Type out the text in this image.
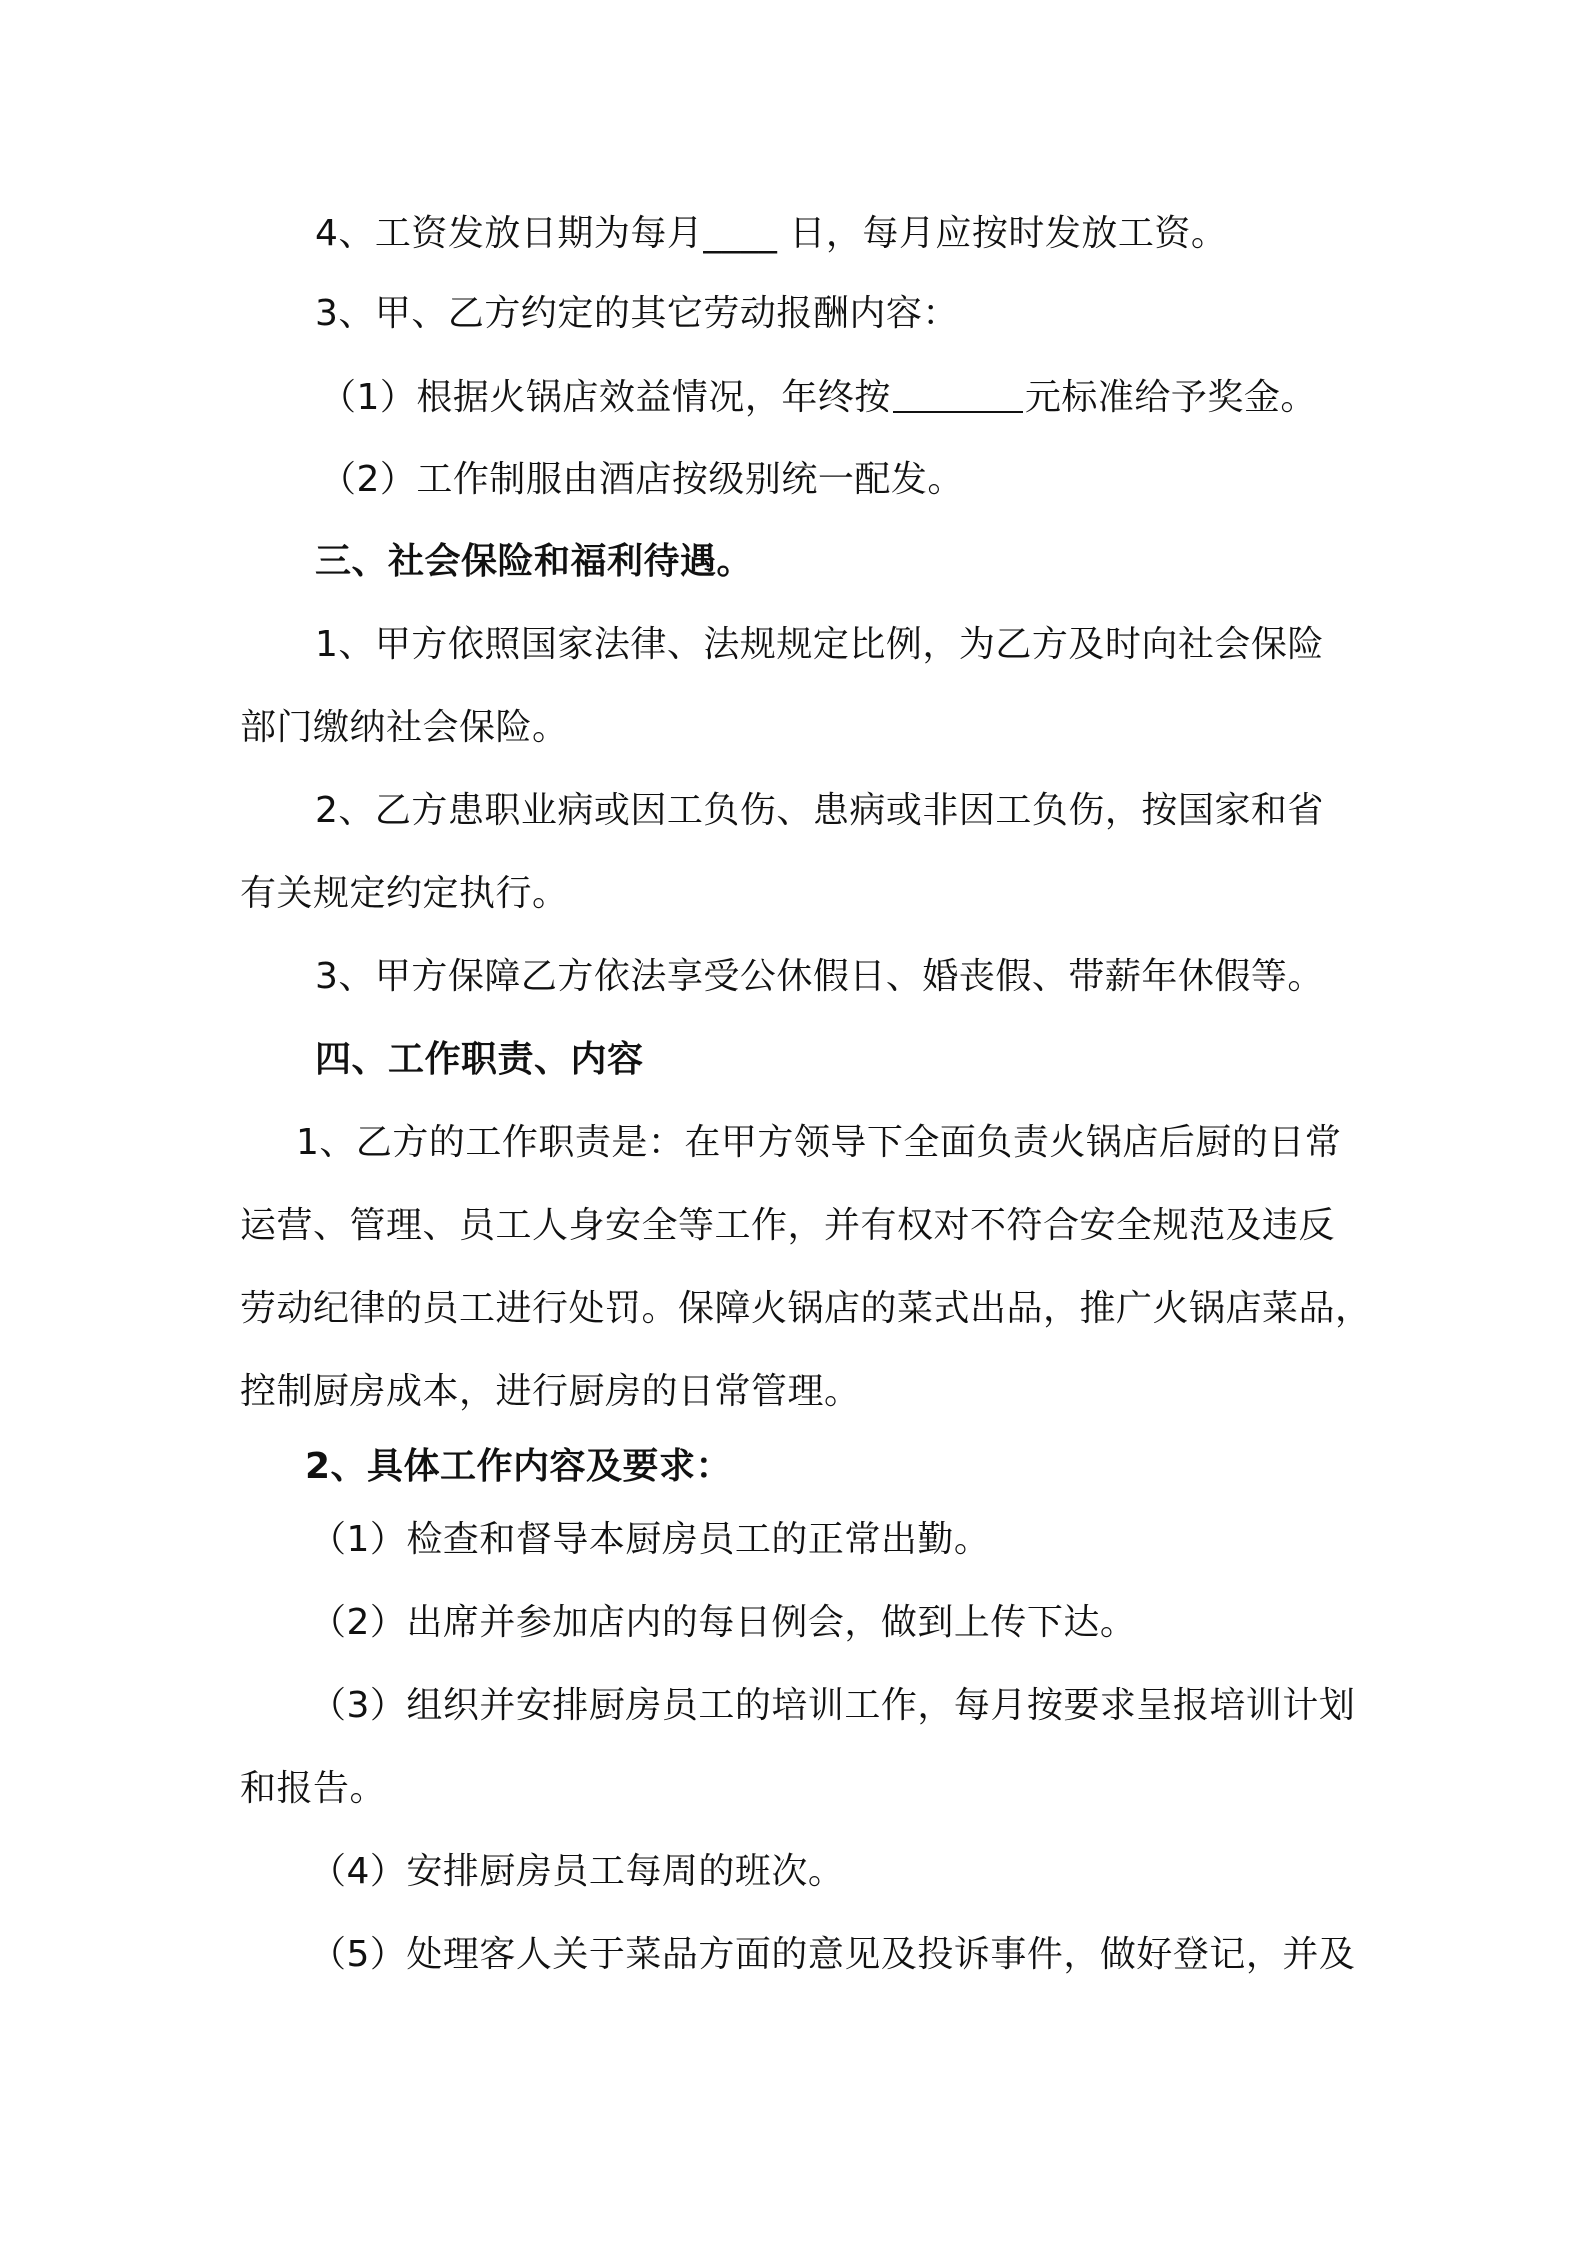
4、工资发放日期为每月____ 日，每月应按时发放工资。
3、甲、乙方约定的其它劳动报酬内容：
（1）根据火锅店效益情况，年终按	元标准给予奖金。
（2）工作制服由酒店按级别统一配发。
三、社会保险和福利待遇。
1、甲方依照国家法律、法规规定比例，为乙方及时向社会保险
部门缴纳社会保险。
2、乙方患职业病或因工负伤、患病或非因工负伤，按国家和省
有关规定约定执行。
3、甲方保障乙方依法享受公休假日、婚丧假、带薪年休假等。
四、工作职责、内容
1、乙方的工作职责是：在甲方领导下全面负责火锅店后厨的日常
运营、管理、员工人身安全等工作，并有权对不符合安全规范及违反
劳动纪律的员工进行处罚。保障火锅店的菜式出品，推广火锅店菜品，
控制厨房成本，进行厨房的日常管理。
2、具体工作内容及要求：
（1）检查和督导本厨房员工的正常出勤。
（2）出席并参加店内的每日例会，做到上传下达。
（3）组织并安排厨房员工的培训工作，每月按要求呈报培训计划
和报告。
（4）安排厨房员工每周的班次。
（5）处理客人关于菜品方面的意见及投诉事件，做好登记，并及
